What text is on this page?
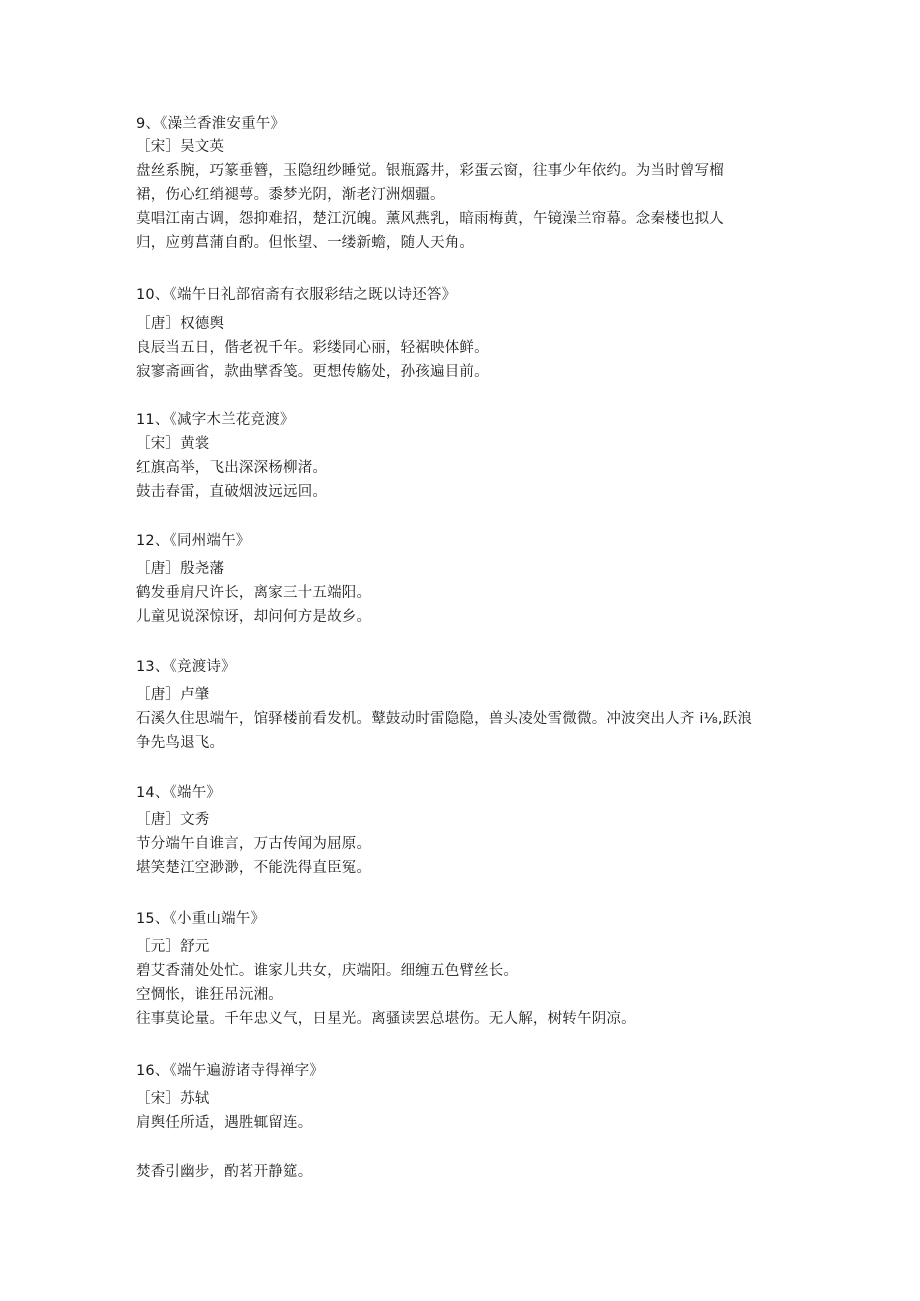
9、《澡兰香淮安重午》
［宋］吴文英
盘丝系腕，巧篆垂簪，玉隐纽纱睡觉。银瓶露井，彩蛋云窗，往事少年依约。为当时曾写榴
裙，伤心红绡褪萼。黍梦光阴，渐老汀洲烟疆。
莫唱江南古调，怨抑难招，楚江沉魄。薰风燕乳，暗雨梅黄，午镜澡兰帘幕。念秦楼也拟人
归，应剪菖蒲自酌。但怅望、一缕新蟾，随人天角。
10、《端午日礼部宿斋有衣服彩结之既以诗还答》
［唐］权德舆
良辰当五日，偕老祝千年。彩缕同心丽，轻裾映体鲜。
寂寥斋画省，款曲擘香笺。更想传觞处，孙孩遍目前。
11、《减字木兰花竞渡》
［宋］黄裳
红旗高举，飞出深深杨柳渚。
鼓击春雷，直破烟波远远回。
12、《同州端午》
［唐］殷尧藩
鹤发垂肩尺许长，离家三十五端阳。
儿童见说深惊讶，却问何方是故乡。
13、《竞渡诗》
［唐］卢肇
石溪久住思端午，馆驿楼前看发机。鼙鼓动时雷隐隐，兽头凌处雪微微。冲波突出人齐 i⅛,跃浪
争先鸟退飞。
14、《端午》
［唐］文秀
节分端午自谁言，万古传闻为屈原。
堪笑楚江空渺渺，不能洗得直臣冤。
15、《小重山端午》
［元］舒元
碧艾香蒲处处忙。谁家儿共女，庆端阳。细缠五色臂丝长。
空惆怅，谁狂吊沅湘。
往事莫论量。千年忠义气，日星光。离骚读罢总堪伤。无人解，树转午阴凉。
16、《端午遍游诸寺得禅字》
［宋］苏轼
肩舆任所适，遇胜辄留连。
焚香引幽步，酌茗开静筵。
